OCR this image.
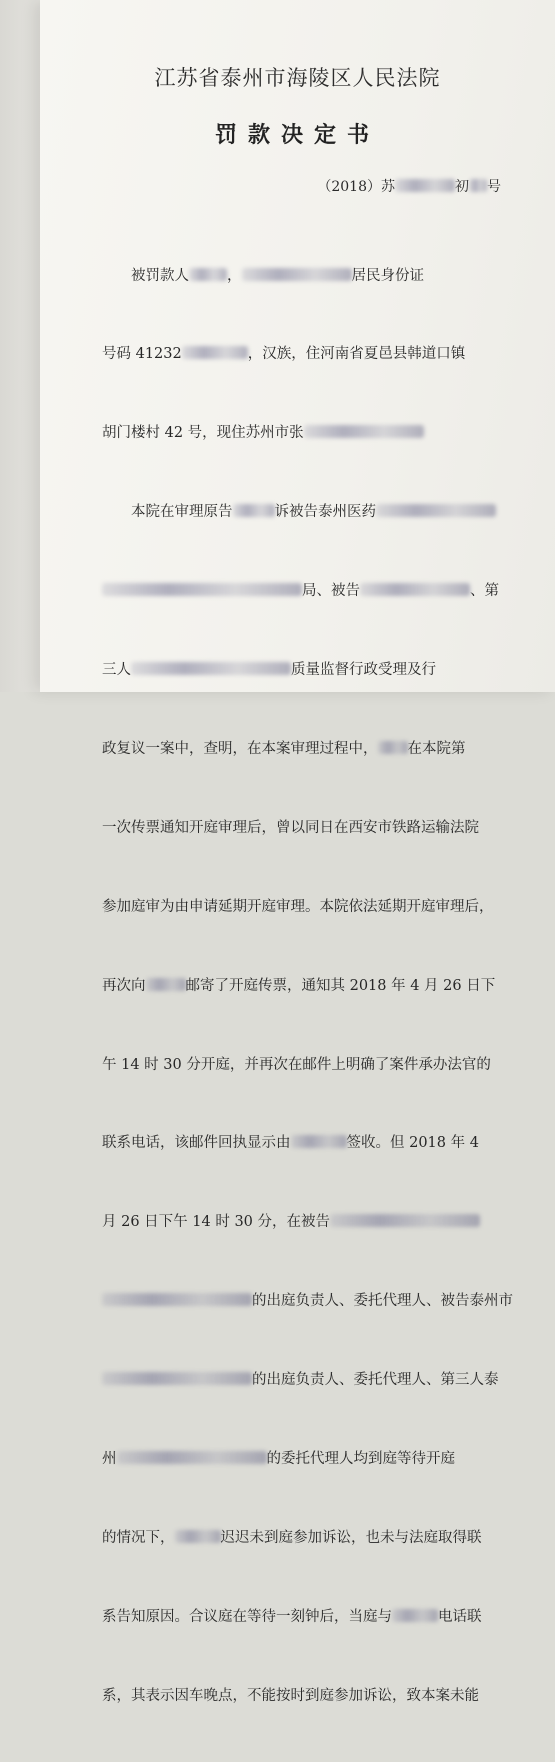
江苏省泰州市海陵区人民法院
罚款决定书
（2018）苏	初 号

　　被罚款人	，	居民身份证

号码 41232	，汉族，住河南省夏邑县韩道口镇

胡门楼村 42 号，现住苏州市张

　　本院在审理原告	诉被告泰州医药

局、被告	、第

三人	质量监督行政受理及行

政复议一案中，查明，在本案审理过程中， 在本院第

一次传票通知开庭审理后，曾以同日在西安市铁路运输法院

参加庭审为由申请延期开庭审理。本院依法延期开庭审理后，

再次向	邮寄了开庭传票，通知其 2018 年 4 月 26 日下

午 14 时 30 分开庭，并再次在邮件上明确了案件承办法官的

联系电话，该邮件回执显示由	签收。但 2018 年 4

月 26 日下午 14 时 30 分，在被告

的出庭负责人、委托代理人、被告泰州市

的出庭负责人、委托代理人、第三人泰

州	的委托代理人均到庭等待开庭

的情况下，	迟迟未到庭参加诉讼，也未与法庭取得联

系告知原因。合议庭在等待一刻钟后，当庭与	电话联

系，其表示因车晚点，不能按时到庭参加诉讼，致本案未能
